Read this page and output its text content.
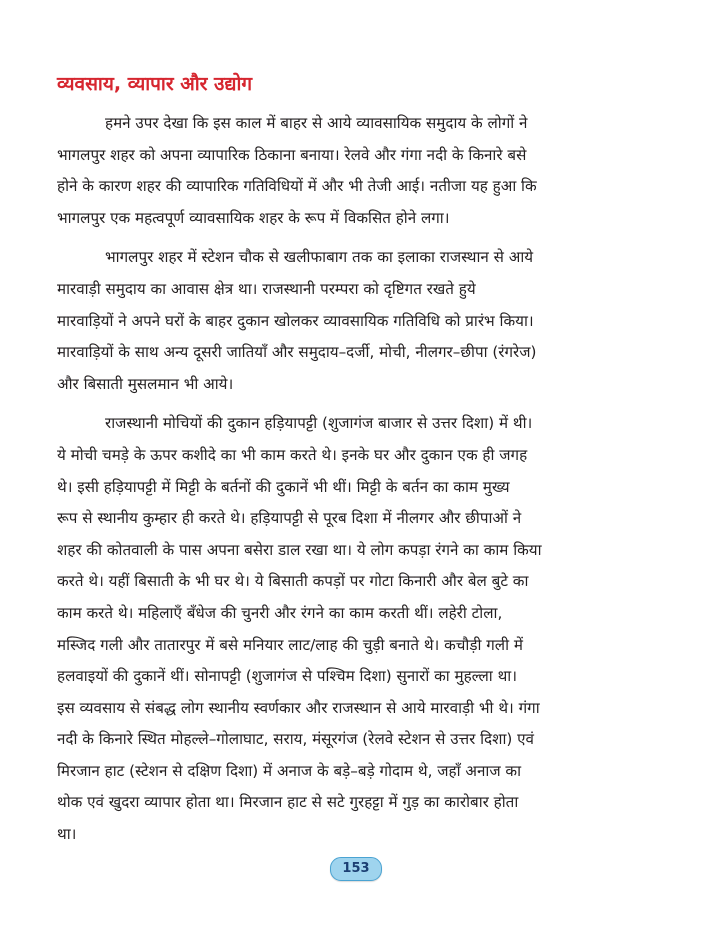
व्यवसाय, व्यापार और उद्योग
हमने उपर देखा कि इस काल में बाहर से आये व्यावसायिक समुदाय के लोगों ने
भागलपुर शहर को अपना व्यापारिक ठिकाना बनाया। रेलवे और गंगा नदी के किनारे बसे
होने के कारण शहर की व्यापारिक गतिविधियों में और भी तेजी आई। नतीजा यह हुआ कि
भागलपुर एक महत्वपूर्ण व्यावसायिक शहर के रूप में विकसित होने लगा।
भागलपुर शहर में स्टेशन चौक से खलीफाबाग तक का इलाका राजस्थान से आये
मारवाड़ी समुदाय का आवास क्षेत्र था। राजस्थानी परम्परा को दृष्टिगत रखते हुये
मारवाड़ियों ने अपने घरों के बाहर दुकान खोलकर व्यावसायिक गतिविधि को प्रारंभ किया।
मारवाड़ियों के साथ अन्य दूसरी जातियाँ और समुदाय–दर्जी, मोची, नीलगर–छीपा (रंगरेज)
और बिसाती मुसलमान भी आये।
राजस्थानी मोचियों की दुकान हड़ियापट्टी (शुजागंज बाजार से उत्तर दिशा) में थी।
ये मोची चमड़े के ऊपर कशीदे का भी काम करते थे। इनके घर और दुकान एक ही जगह
थे। इसी हड़ियापट्टी में मिट्टी के बर्तनों की दुकानें भी थीं। मिट्टी के बर्तन का काम मुख्य
रूप से स्थानीय कुम्हार ही करते थे। हड़ियापट्टी से पूरब दिशा में नीलगर और छीपाओं ने
शहर की कोतवाली के पास अपना बसेरा डाल रखा था। ये लोग कपड़ा रंगने का काम किया
करते थे। यहीं बिसाती के भी घर थे। ये बिसाती कपड़ों पर गोटा किनारी और बेल बुटे का
काम करते थे। महिलाएँ बँधेज की चुनरी और रंगने का काम करती थीं। लहेरी टोला,
मस्जिद गली और तातारपुर में बसे मनियार लाट/लाह की चुड़ी बनाते थे। कचौड़ी गली में
हलवाइयों की दुकानें थीं। सोनापट्टी (शुजागंज से पश्चिम दिशा) सुनारों का मुहल्ला था।
इस व्यवसाय से संबद्ध लोग स्थानीय स्वर्णकार और राजस्थान से आये मारवाड़ी भी थे। गंगा
नदी के किनारे स्थित मोहल्ले–गोलाघाट, सराय, मंसूरगंज (रेलवे स्टेशन से उत्तर दिशा) एवं
मिरजान हाट (स्टेशन से दक्षिण दिशा) में अनाज के बड़े–बड़े गोदाम थे, जहाँ अनाज का
थोक एवं खुदरा व्यापार होता था। मिरजान हाट से सटे गुरहट्टा में गुड़ का कारोबार होता
था।
153
